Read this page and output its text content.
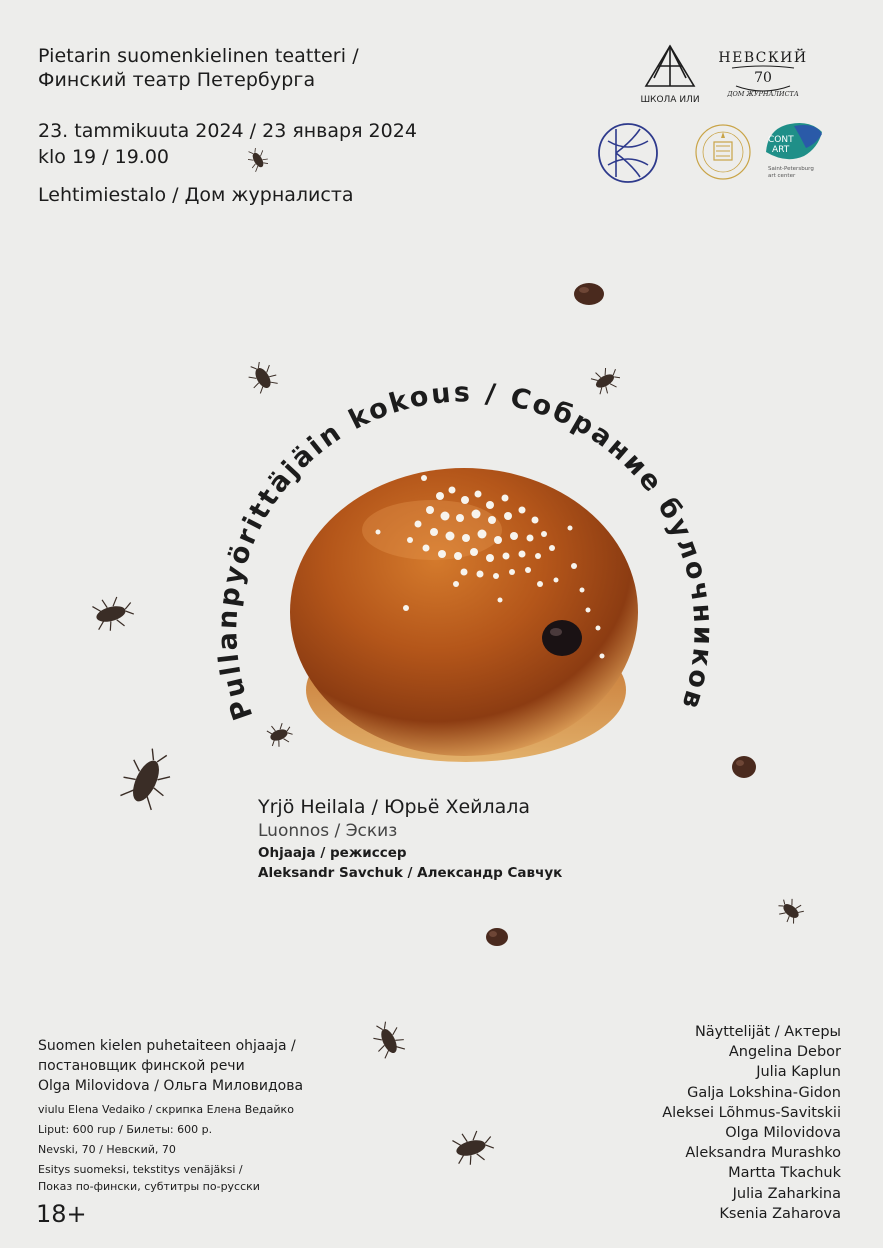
Pietarin suomenkielinen teatteri /
Финский театр Петербурга
23. tammikuuta 2024 / 23 января 2024
klo 19 / 19.00
Lehtimiestalo / Дом журналиста
ШКОЛА ИЛИ
НЕВСКИЙ
70
ДОМ ЖУРНАЛИСТА
CONT
ART
Saint-Petersburg
art center
Pullanpyörittäjäin kokous / Собрание булочников
Yrjö Heilala / Юрьё Хейлала
Luonnos / Эскиз
Ohjaaja / режиссер
Aleksandr Savchuk / Александр Савчук
Suomen kielen puhetaiteen ohjaaja /
постановщик финской речи
Olga Milovidova / Ольга Миловидова
viulu Elena Vedaiko / скрипка Елена Ведайко
Liput: 600 rup / Билеты: 600 р.
Nevski, 70 / Невский, 70
Esitys suomeksi, tekstitys venäjäksi /
Показ по-фински, субтитры по-русски
18+
Näyttelijät / Актеры
Angelina Debor
Julia Kaplun
Galja Lokshina-Gidon
Aleksei Lõhmus-Savitskii
Olga Milovidova
Aleksandra Murashko
Martta Tkachuk
Julia Zaharkina
Ksenia Zaharova
